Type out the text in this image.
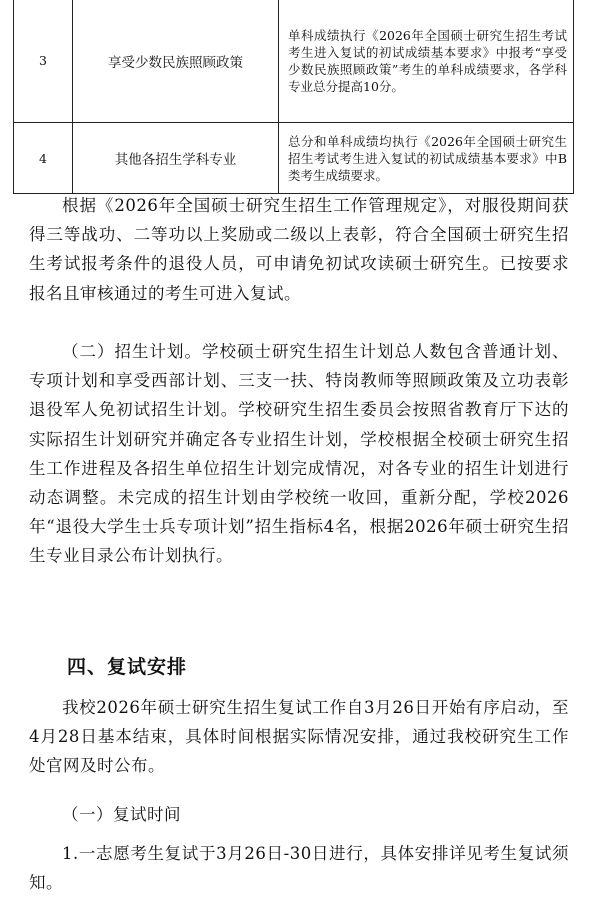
3	享受少数民族照顾政策	单科成绩执行《2026年全国硕士研究生招生考试考生进入复试的初试成绩基本要求》中报考“享受少数民族照顾政策”考生的单科成绩要求，各学科专业总分提高10分。
4	其他各招生学科专业	总分和单科成绩均执行《2026年全国硕士研究生招生考试考生进入复试的初试成绩基本要求》中B类考生成绩要求。

根据《2026年全国硕士研究生招生工作管理规定》，对服役期间获得三等战功、二等功以上奖励或二级以上表彰，符合全国硕士研究生招生考试报考条件的退役人员，可申请免初试攻读硕士研究生。已按要求报名且审核通过的考生可进入复试。

（二）招生计划。学校硕士研究生招生计划总人数包含普通计划、专项计划和享受西部计划、三支一扶、特岗教师等照顾政策及立功表彰退役军人免初试招生计划。学校研究生招生委员会按照省教育厅下达的实际招生计划研究并确定各专业招生计划，学校根据全校硕士研究生招生工作进程及各招生单位招生计划完成情况，对各专业的招生计划进行动态调整。未完成的招生计划由学校统一收回，重新分配，学校2026年“退役大学生士兵专项计划”招生指标4名，根据2026年硕士研究生招生专业目录公布计划执行。

四、复试安排

我校2026年硕士研究生招生复试工作自3月26日开始有序启动，至4月28日基本结束，具体时间根据实际情况安排，通过我校研究生工作处官网及时公布。

（一）复试时间

1.一志愿考生复试于3月26日-30日进行，具体安排详见考生复试须知。
